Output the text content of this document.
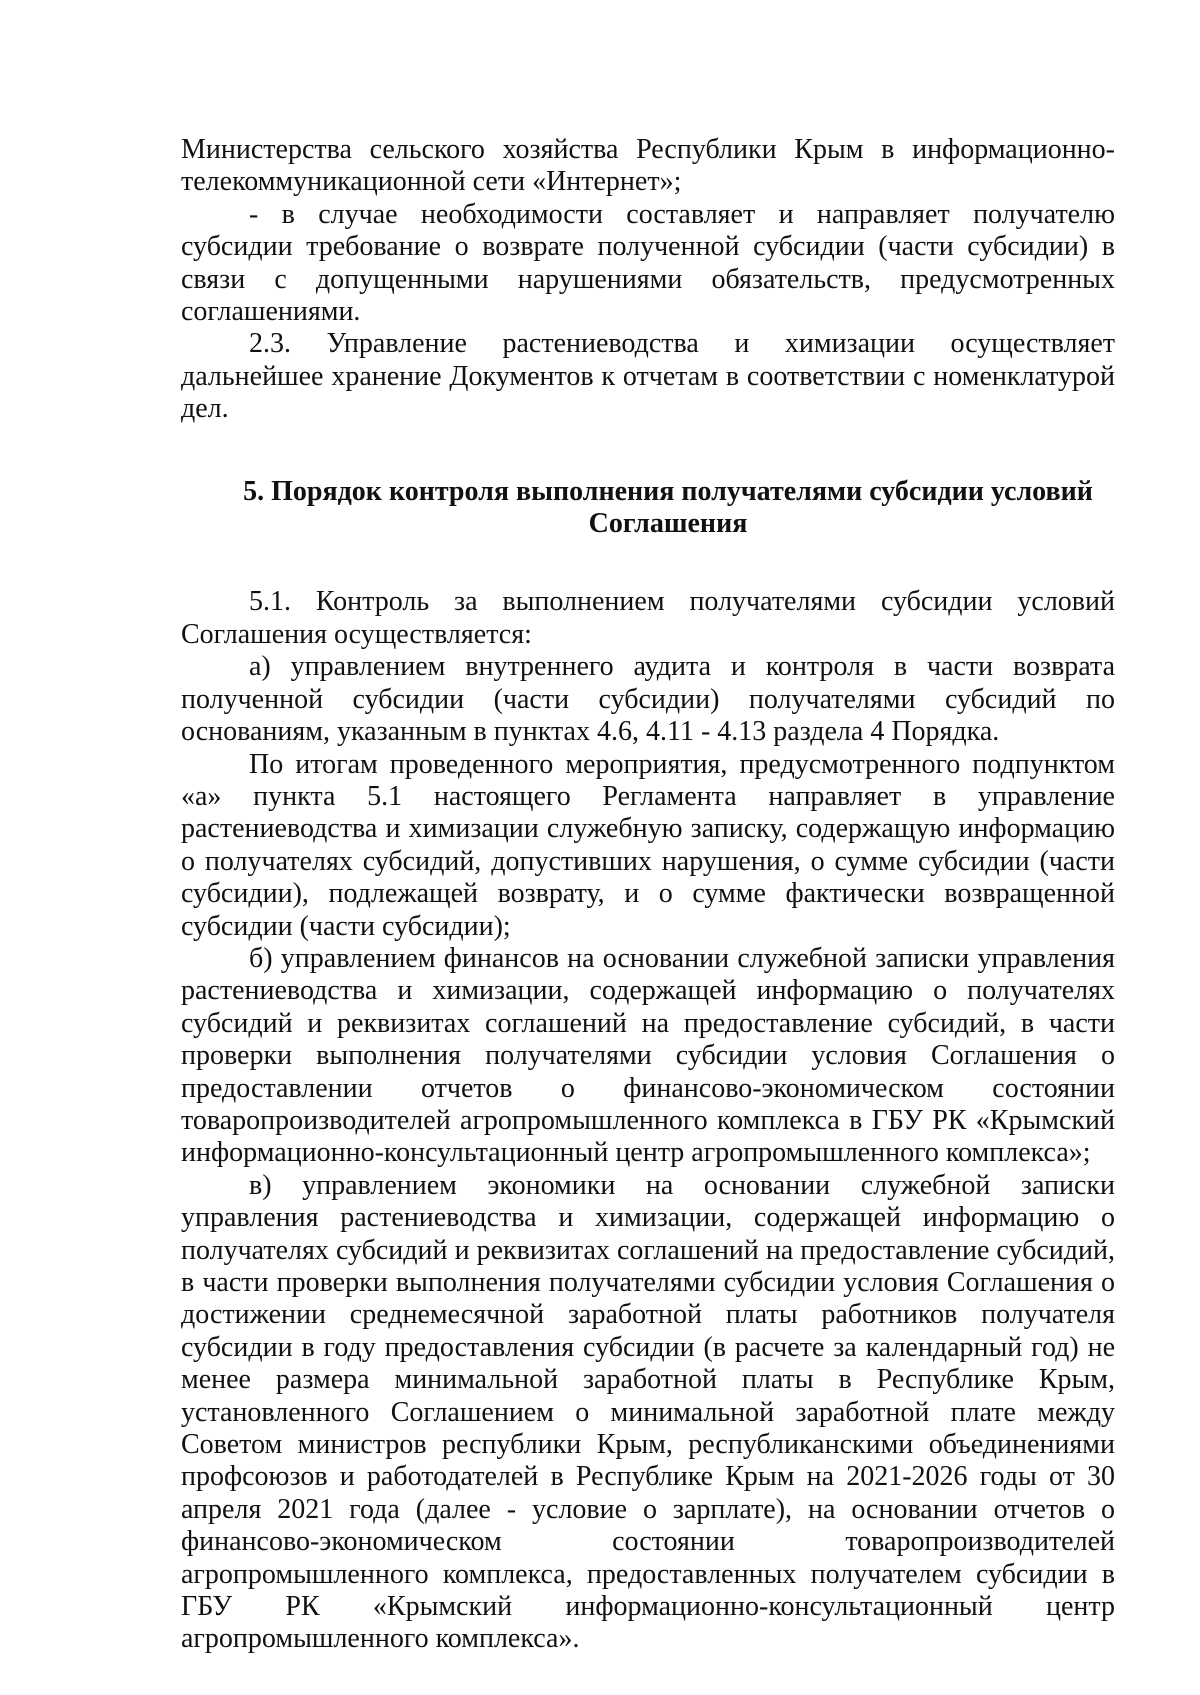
Министерства сельского хозяйства Республики Крым в информационно-телекоммуникационной сети «Интернет»;

- в случае необходимости составляет и направляет получателю субсидии требование о возврате полученной субсидии (части субсидии) в связи с допущенными нарушениями обязательств, предусмотренных соглашениями.

2.3. Управление растениеводства и химизации осуществляет дальнейшее хранение Документов к отчетам в соответствии с номенклатурой дел.

5. Порядок контроля выполнения получателями субсидии условий
Соглашения

5.1. Контроль за выполнением получателями субсидии условий Соглашения осуществляется:

а) управлением внутреннего аудита и контроля в части возврата полученной субсидии (части субсидии) получателями субсидий по основаниям, указанным в пунктах 4.6, 4.11 - 4.13 раздела 4 Порядка.

По итогам проведенного мероприятия, предусмотренного подпунктом «а» пункта 5.1 настоящего Регламента направляет в управление растениеводства и химизации служебную записку, содержащую информацию о получателях субсидий, допустивших нарушения, о сумме субсидии (части субсидии), подлежащей возврату, и о сумме фактически возвращенной субсидии (части субсидии);

б) управлением финансов на основании служебной записки управления растениеводства и химизации, содержащей информацию о получателях субсидий и реквизитах соглашений на предоставление субсидий, в части проверки выполнения получателями субсидии условия Соглашения о предоставлении отчетов о финансово-экономическом состоянии товаропроизводителей агропромышленного комплекса в ГБУ РК «Крымский информационно-консультационный центр агропромышленного комплекса»;

в) управлением экономики на основании служебной записки управления растениеводства и химизации, содержащей информацию о получателях субсидий и реквизитах соглашений на предоставление субсидий, в части проверки выполнения получателями субсидии условия Соглашения о достижении среднемесячной заработной платы работников получателя субсидии в году предоставления субсидии (в расчете за календарный год) не менее размера минимальной заработной платы в Республике Крым, установленного Соглашением о минимальной заработной плате между Советом министров республики Крым, республиканскими объединениями профсоюзов и работодателей в Республике Крым на 2021-2026 годы от 30 апреля 2021 года (далее - условие о зарплате), на основании отчетов о финансово-экономическом состоянии товаропроизводителей агропромышленного комплекса, предоставленных получателем субсидии в ГБУ РК «Крымский информационно-консультационный центр агропромышленного комплекса».
